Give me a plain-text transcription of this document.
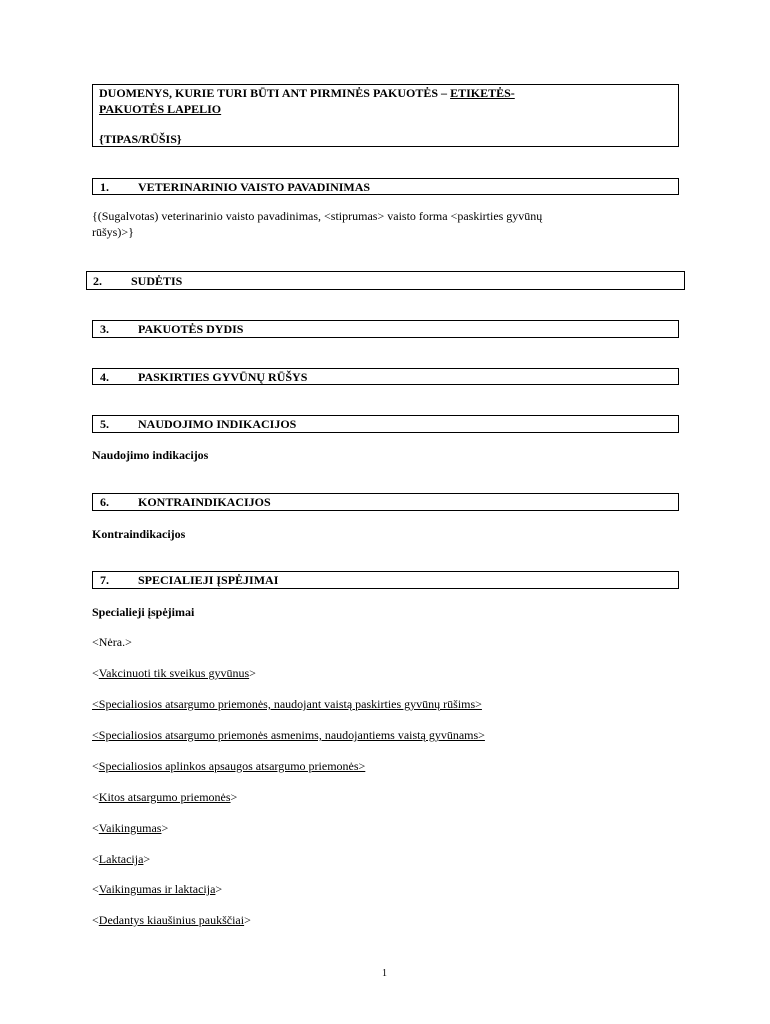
DUOMENYS, KURIE TURI BŪTI ANT PIRMINĖS PAKUOTĖS – ETIKETĖS-
PAKUOTĖS LAPELIO
{TIPAS/RŪŠIS}
1. VETERINARINIO VAISTO PAVADINIMAS

{(Sugalvotas) veterinarinio vaisto pavadinimas, <stiprumas> vaisto forma <paskirties gyvūnų

rūšys)>}

2. SUDĖTIS
3. PAKUOTĖS DYDIS
4. PASKIRTIES GYVŪNŲ RŪŠYS
5. NAUDOJIMO INDIKACIJOS

Naudojimo indikacijos

6. KONTRAINDIKACIJOS

Kontraindikacijos

7. SPECIALIEJI ĮSPĖJIMAI

Specialieji įspėjimai

<Nėra.>

<Vakcinuoti tik sveikus gyvūnus>

<Specialiosios atsargumo priemonės, naudojant vaistą paskirties gyvūnų rūšims>

<Specialiosios atsargumo priemonės asmenims, naudojantiems vaistą gyvūnams>

<Specialiosios aplinkos apsaugos atsargumo priemonės>

<Kitos atsargumo priemonės>

<Vaikingumas>

<Laktacija>

<Vaikingumas ir laktacija>

<Dedantys kiaušinius paukščiai>

1
